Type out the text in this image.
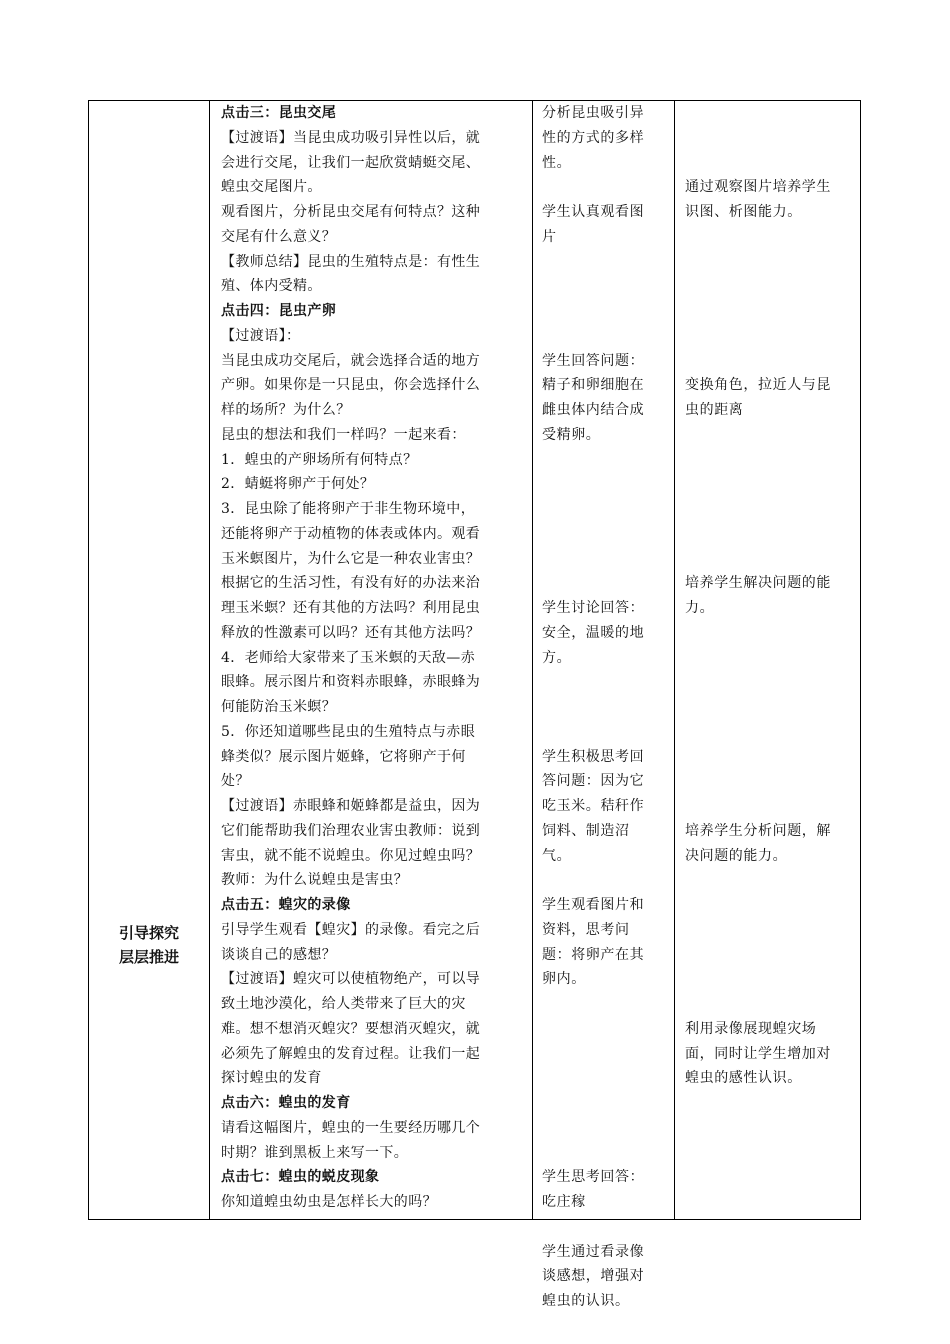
引导探究

层层推进

点击三：昆虫交尾

【过渡语】当昆虫成功吸引异性以后，就

会进行交尾，让我们一起欣赏蜻蜓交尾、

蝗虫交尾图片。

观看图片，分析昆虫交尾有何特点？这种

交尾有什么意义？

【教师总结】昆虫的生殖特点是：有性生

殖、体内受精。

点击四：昆虫产卵

【过渡语】：

当昆虫成功交尾后，就会选择合适的地方

产卵。如果你是一只昆虫，你会选择什么

样的场所？为什么？

昆虫的想法和我们一样吗？一起来看：

1．蝗虫的产卵场所有何特点？

2．蜻蜓将卵产于何处？

3．昆虫除了能将卵产于非生物环境中，

还能将卵产于动植物的体表或体内。观看

玉米螟图片，为什么它是一种农业害虫？

根据它的生活习性，有没有好的办法来治

理玉米螟？还有其他的方法吗？利用昆虫

释放的性激素可以吗？还有其他方法吗？

4．老师给大家带来了玉米螟的天敌—赤

眼蜂。展示图片和资料赤眼蜂，赤眼蜂为

何能防治玉米螟？

5．你还知道哪些昆虫的生殖特点与赤眼

蜂类似？展示图片姬蜂，它将卵产于何

处？

【过渡语】赤眼蜂和姬蜂都是益虫，因为

它们能帮助我们治理农业害虫教师：说到

害虫，就不能不说蝗虫。你见过蝗虫吗？

教师：为什么说蝗虫是害虫？

点击五：蝗灾的录像

引导学生观看【蝗灾】的录像。看完之后

谈谈自己的感想？

【过渡语】蝗灾可以使植物绝产，可以导

致土地沙漠化，给人类带来了巨大的灾

难。想不想消灭蝗灾？要想消灭蝗灾，就

必须先了解蝗虫的发育过程。让我们一起

探讨蝗虫的发育

点击六：蝗虫的发育

请看这幅图片，蝗虫的一生要经历哪几个

时期？谁到黑板上来写一下。

点击七：蝗虫的蜕皮现象

你知道蝗虫幼虫是怎样长大的吗？

分析昆虫吸引异

性的方式的多样

性。

学生认真观看图

片

学生回答问题：

精子和卵细胞在

雌虫体内结合成

受精卵。

学生讨论回答：

安全，温暖的地

方。

学生积极思考回

答问题：因为它

吃玉米。秸秆作

饲料、制造沼

气。

学生观看图片和

资料，思考问

题：将卵产在其

卵内。

学生思考回答：

吃庄稼

学生通过看录像

谈感想，增强对

蝗虫的认识。

通过观察图片培养学生

识图、析图能力。

变换角色，拉近人与昆

虫的距离

培养学生解决问题的能

力。

培养学生分析问题，解

决问题的能力。

利用录像展现蝗灾场

面，同时让学生增加对

蝗虫的感性认识。
